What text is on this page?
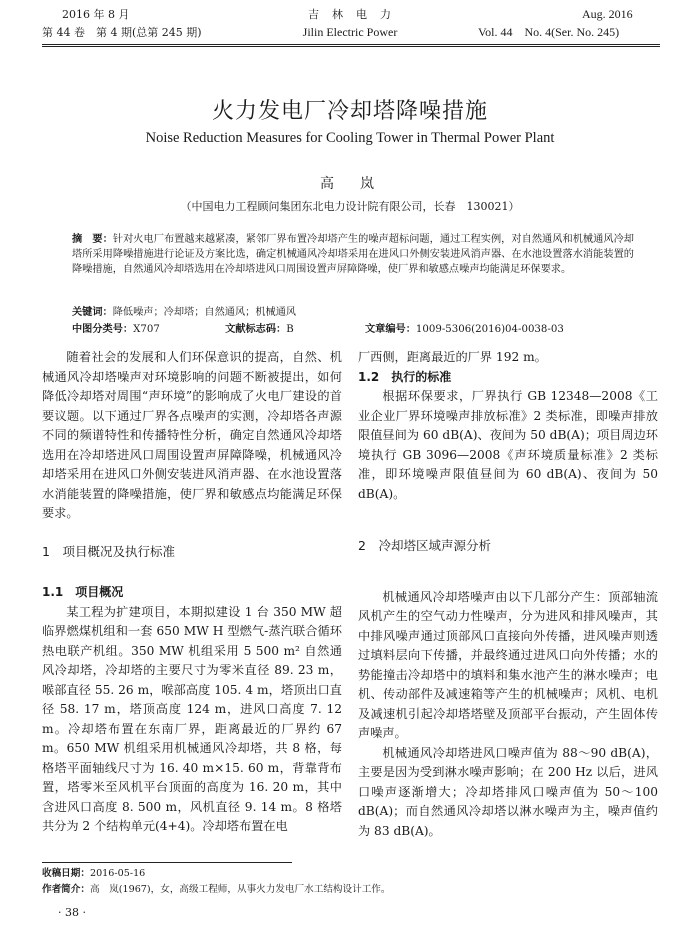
2016 年 8 月
第 44 卷　第 4 期(总第 245 期)
吉　林　电　力
Jilin Electric Power
Aug. 2016
Vol. 44　No. 4(Ser. No. 245)
火力发电厂冷却塔降噪措施
Noise Reduction Measures for Cooling Tower in Thermal Power Plant
高　岚
（中国电力工程顾问集团东北电力设计院有限公司，长春　130021）
摘　要：针对火电厂布置越来越紧凑，紧邻厂界布置冷却塔产生的噪声超标问题，通过工程实例，对自然通风和机械通风冷却塔所采用降噪措施进行论证及方案比选，确定机械通风冷却塔采用在进风口外侧安装进风消声器、在水池设置落水消能装置的降噪措施，自然通风冷却塔选用在冷却塔进风口周围设置声屏障降噪，使厂界和敏感点噪声均能满足环保要求。
关键词：降低噪声；冷却塔；自然通风；机械通风
中图分类号：X707	文献标志码：B	文章编号：1009-5306(2016)04-0038-03

随着社会的发展和人们环保意识的提高，自然、机械通风冷却塔噪声对环境影响的问题不断被提出，如何降低冷却塔对周围“声环境”的影响成了火电厂建设的首要议题。以下通过厂界各点噪声的实测，冷却塔各声源不同的频谱特性和传播特性分析，确定自然通风冷却塔选用在冷却塔进风口周围设置声屏障降噪，机械通风冷却塔采用在进风口外侧安装进风消声器、在水池设置落水消能装置的降噪措施，使厂界和敏感点均能满足环保要求。

1　项目概况及执行标准
1.1　项目概况

某工程为扩建项目，本期拟建设 1 台 350 MW 超临界燃煤机组和一套 650 MW H 型燃气-蒸汽联合循环热电联产机组。350 MW 机组采用 5 500 m² 自然通风冷却塔，冷却塔的主要尺寸为零米直径 89. 23 m，喉部直径 55. 26 m，喉部高度 105. 4 m，塔顶出口直径 58. 17 m，塔顶高度 124 m，进风口高度 7. 12 m。冷却塔布置在东南厂界，距离最近的厂界约 67 m。650 MW 机组采用机械通风冷却塔，共 8 格，每格塔平面轴线尺寸为 16. 40 m×15. 60 m，背靠背布置，塔零米至风机平台顶面的高度为 16. 20 m，其中含进风口高度 8. 500 m，风机直径 9. 14 m。8 格塔共分为 2 个结构单元(4+4)。冷却塔布置在电

厂西侧，距离最近的厂界 192 m。
1.2　执行的标准

根据环保要求，厂界执行 GB 12348—2008《工业企业厂界环境噪声排放标准》2 类标准，即噪声排放限值昼间为 60 dB(A)、夜间为 50 dB(A)；项目周边环境执行 GB 3096—2008《声环境质量标准》2 类标准，即环境噪声限值昼间为 60 dB(A)、夜间为 50 dB(A)。

2　冷却塔区域声源分析

机械通风冷却塔噪声由以下几部分产生：顶部轴流风机产生的空气动力性噪声，分为进风和排风噪声，其中排风噪声通过顶部风口直接向外传播，进风噪声则透过填料层向下传播，并最终通过进风口向外传播；水的势能撞击冷却塔中的填料和集水池产生的淋水噪声；电机、传动部件及减速箱等产生的机械噪声；风机、电机及减速机引起冷却塔塔壁及顶部平台振动，产生固体传声噪声。

机械通风冷却塔进风口噪声值为 88～90 dB(A)，主要是因为受到淋水噪声影响；在 200 Hz 以后，进风口噪声逐渐增大；冷却塔排风口噪声值为 50～100 dB(A)；而自然通风冷却塔以淋水噪声为主，噪声值约为 83 dB(A)。

收稿日期：2016-05-16
作者简介：高　岚(1967)，女，高级工程师，从事火力发电厂水工结构设计工作。
· 38 ·
